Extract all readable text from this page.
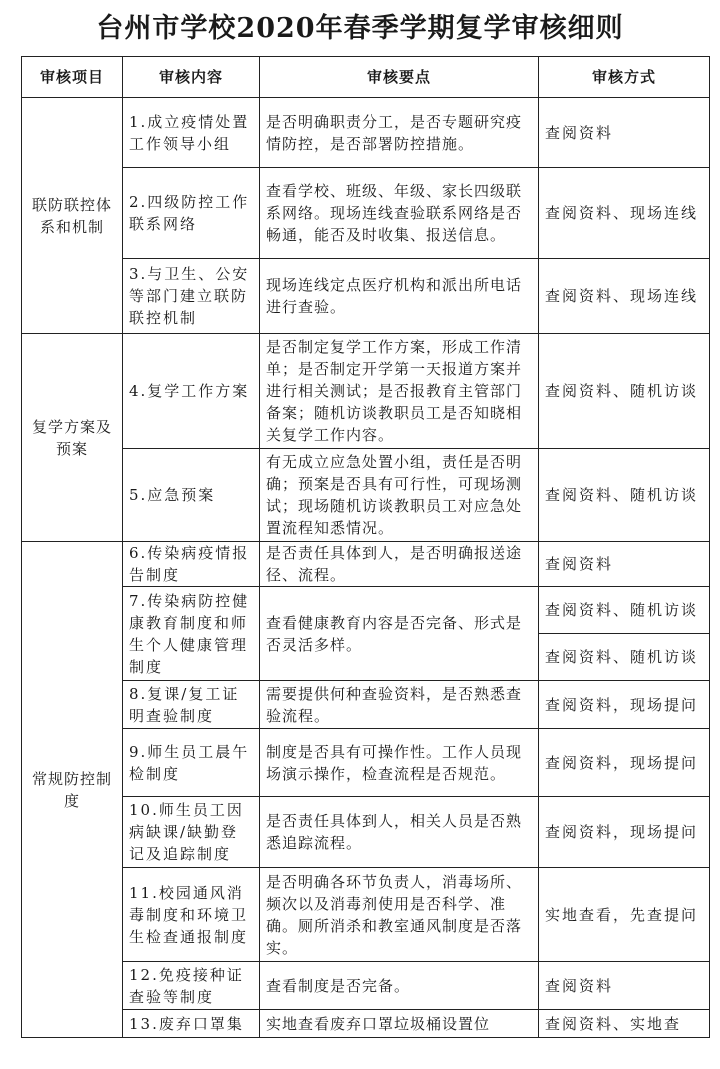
台州市学校2020年春季学期复学审核细则
审核项目	审核内容	审核要点	审核方式
联防联控体系和机制	1.成立疫情处置工作领导小组	是否明确职责分工，是否专题研究疫情防控，是否部署防控措施。	查阅资料
	2.四级防控工作联系网络	查看学校、班级、年级、家长四级联系网络。现场连线查验联系网络是否畅通，能否及时收集、报送信息。	查阅资料、现场连线
	3.与卫生、公安等部门建立联防联控机制	现场连线定点医疗机构和派出所电话进行查验。	查阅资料、现场连线
复学方案及预案	4.复学工作方案	是否制定复学工作方案，形成工作清单；是否制定开学第一天报道方案并进行相关测试；是否报教育主管部门备案；随机访谈教职员工是否知晓相关复学工作内容。	查阅资料、随机访谈
	5.应急预案	有无成立应急处置小组，责任是否明确；预案是否具有可行性，可现场测试；现场随机访谈教职员工对应急处置流程知悉情况。	查阅资料、随机访谈
常规防控制度	6.传染病疫情报告制度	是否责任具体到人，是否明确报送途径、流程。	查阅资料
	7.传染病防控健康教育制度和师生个人健康管理制度	查看健康教育内容是否完备、形式是否灵活多样。	查阅资料、随机访谈
			查阅资料、随机访谈
	8.复课/复工证明查验制度	需要提供何种查验资料，是否熟悉查验流程。	查阅资料，现场提问
	9.师生员工晨午检制度	制度是否具有可操作性。工作人员现场演示操作，检查流程是否规范。	查阅资料，现场提问
	10.师生员工因病缺课/缺勤登记及追踪制度	是否责任具体到人，相关人员是否熟悉追踪流程。	查阅资料，现场提问
	11.校园通风消毒制度和环境卫生检查通报制度	是否明确各环节负责人，消毒场所、频次以及消毒剂使用是否科学、准确。厕所消杀和教室通风制度是否落实。	实地查看，先查提问
	12.免疫接种证查验等制度	查看制度是否完备。	查阅资料
	13.废弃口罩集	实地查看废弃口罩垃圾桶设置位	查阅资料、实地查
